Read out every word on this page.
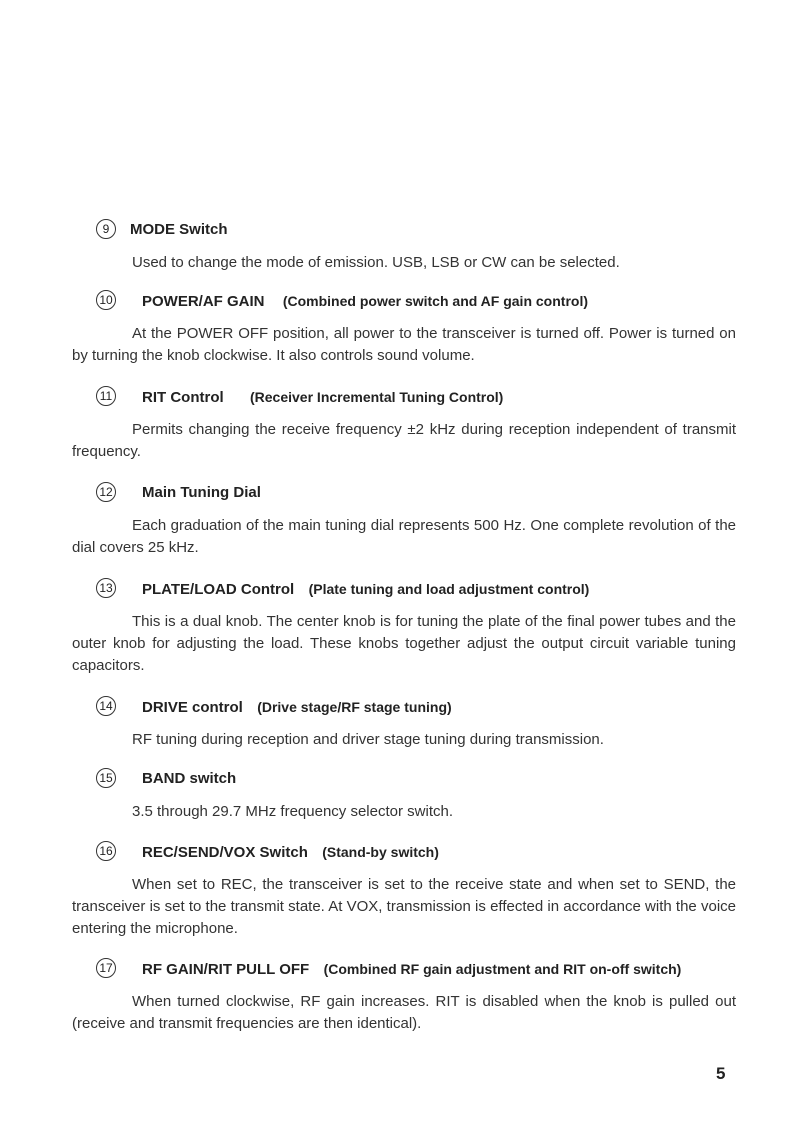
9	MODE Switch
Used to change the mode of emission. USB, LSB or CW can be selected.
10 POWER/AF GAIN (Combined power switch and AF gain control)
At the POWER OFF position, all power to the transceiver is turned off. Power is turned on by turning the knob clockwise. It also controls sound volume.
11 RIT Control (Receiver Incremental Tuning Control)
Permits changing the receive frequency ±2 kHz during reception independent of transmit frequency.
12 Main Tuning Dial
Each graduation of the main tuning dial represents 500 Hz. One complete revolution of the dial covers 25 kHz.
13 PLATE/LOAD Control (Plate tuning and load adjustment control)
This is a dual knob. The center knob is for tuning the plate of the final power tubes and the outer knob for adjusting the load. These knobs together adjust the output circuit variable tuning capacitors.
14 DRIVE control (Drive stage/RF stage tuning)
RF tuning during reception and driver stage tuning during transmission.
15 BAND switch
3.5 through 29.7 MHz frequency selector switch.
16 REC/SEND/VOX Switch (Stand-by switch)
When set to REC, the transceiver is set to the receive state and when set to SEND, the transceiver is set to the transmit state. At VOX, transmission is effected in accordance with the voice entering the microphone.
17 RF GAIN/RIT PULL OFF (Combined RF gain adjustment and RIT on-off switch)
When turned clockwise, RF gain increases. RIT is disabled when the knob is pulled out (receive and transmit frequencies are then identical).
5
